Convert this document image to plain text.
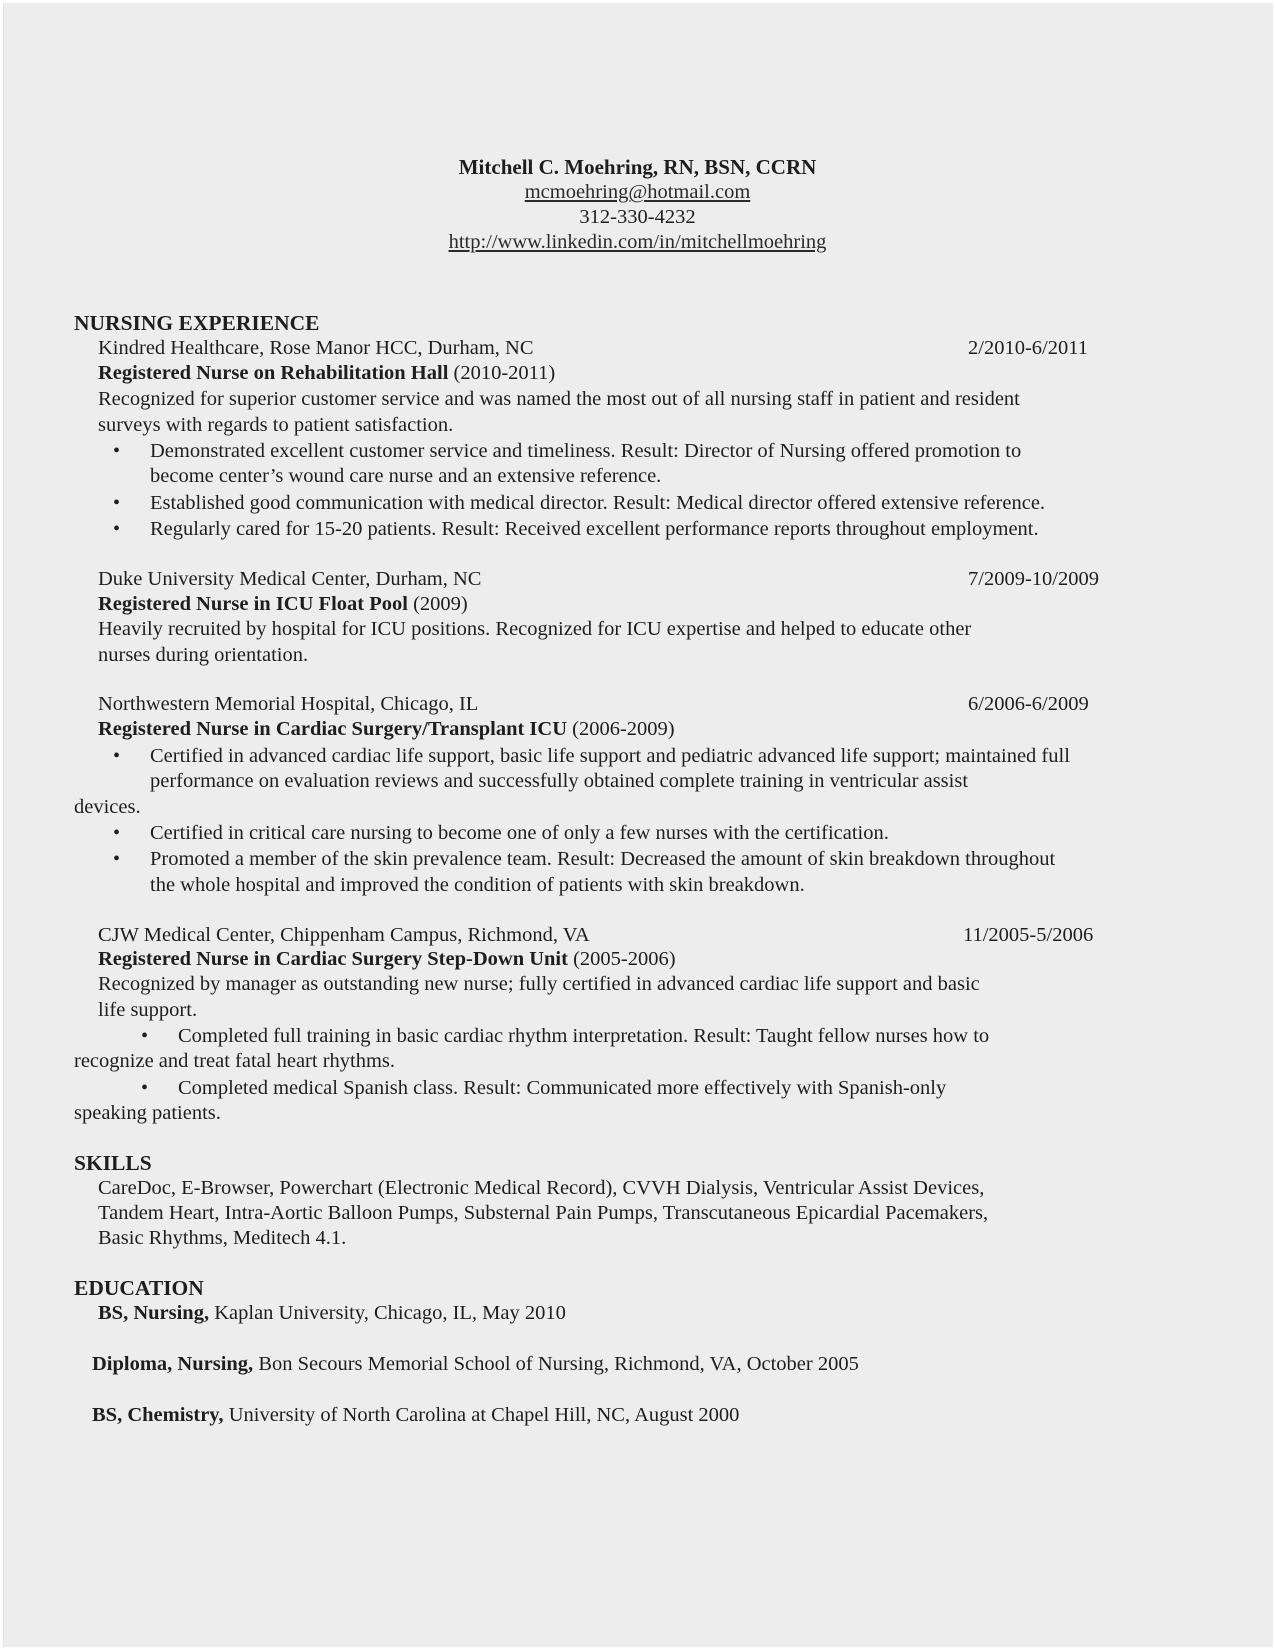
Mitchell C. Moehring, RN, BSN, CCRN
mcmoehring@hotmail.com
312-330-4232
http://www.linkedin.com/in/mitchellmoehring
NURSING EXPERIENCE
Kindred Healthcare, Rose Manor HCC, Durham, NC	2/2010-6/2011
Registered Nurse on Rehabilitation Hall (2010-2011)
Recognized for superior customer service and was named the most out of all nursing staff in patient and resident
surveys with regards to patient satisfaction.
• Demonstrated excellent customer service and timeliness. Result: Director of Nursing offered promotion to
become center’s wound care nurse and an extensive reference.
• Established good communication with medical director. Result: Medical director offered extensive reference.
• Regularly cared for 15-20 patients. Result: Received excellent performance reports throughout employment.
Duke University Medical Center, Durham, NC	7/2009-10/2009
Registered Nurse in ICU Float Pool (2009)
Heavily recruited by hospital for ICU positions. Recognized for ICU expertise and helped to educate other
nurses during orientation.
Northwestern Memorial Hospital, Chicago, IL	6/2006-6/2009
Registered Nurse in Cardiac Surgery/Transplant ICU (2006-2009)
• Certified in advanced cardiac life support, basic life support and pediatric advanced life support; maintained full
performance on evaluation reviews and successfully obtained complete training in ventricular assist
devices.
• Certified in critical care nursing to become one of only a few nurses with the certification.
• Promoted a member of the skin prevalence team. Result: Decreased the amount of skin breakdown throughout
the whole hospital and improved the condition of patients with skin breakdown.
CJW Medical Center, Chippenham Campus, Richmond, VA	11/2005-5/2006
Registered Nurse in Cardiac Surgery Step-Down Unit (2005-2006)
Recognized by manager as outstanding new nurse; fully certified in advanced cardiac life support and basic
life support.
• Completed full training in basic cardiac rhythm interpretation. Result: Taught fellow nurses how to
recognize and treat fatal heart rhythms.
• Completed medical Spanish class. Result: Communicated more effectively with Spanish-only
speaking patients.
SKILLS
CareDoc, E-Browser, Powerchart (Electronic Medical Record), CVVH Dialysis, Ventricular Assist Devices,
Tandem Heart, Intra-Aortic Balloon Pumps, Substernal Pain Pumps, Transcutaneous Epicardial Pacemakers,
Basic Rhythms, Meditech 4.1.
EDUCATION
BS, Nursing, Kaplan University, Chicago, IL, May 2010
Diploma, Nursing, Bon Secours Memorial School of Nursing, Richmond, VA, October 2005
BS, Chemistry, University of North Carolina at Chapel Hill, NC, August 2000
